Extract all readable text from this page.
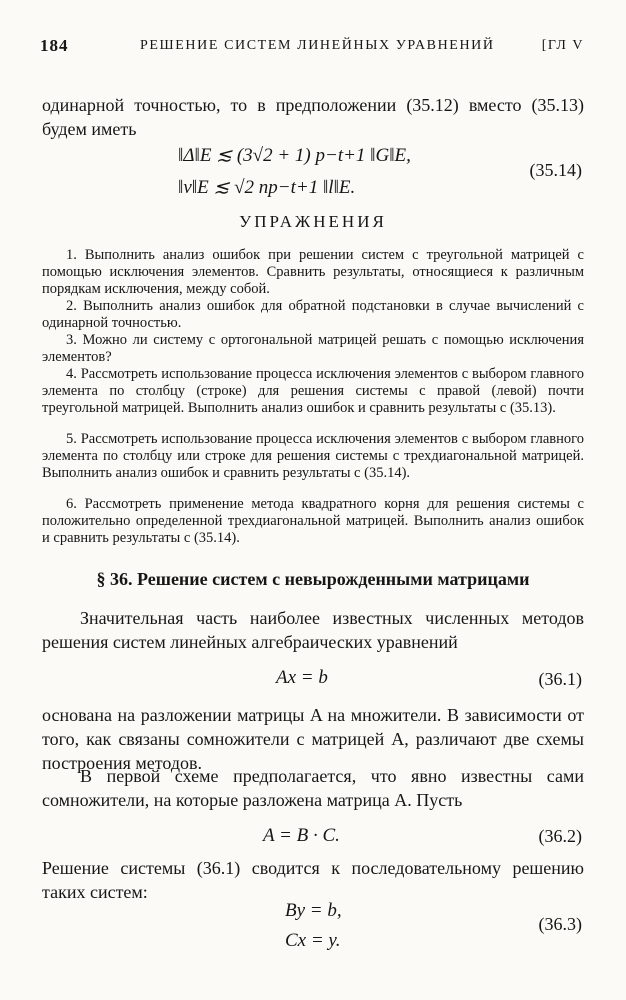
184	РЕШЕНИЕ СИСТЕМ ЛИНЕЙНЫХ УРАВНЕНИЙ	[ГЛ V

одинарной точностью, то в предположении (35.12) вместо (35.13) будем иметь

‖Δ‖E ≲ (3√2 + 1) p−t+1 ‖G‖E,
‖v‖E ≲ √2 np−t+1 ‖l‖E.
(35.14)
УПРАЖНЕНИЯ

1. Выполнить анализ ошибок при решении систем с треугольной матрицей с помощью исключения элементов. Сравнить результаты, относящиеся к различным порядкам исключения, между собой.

2. Выполнить анализ ошибок для обратной подстановки в случае вычислений с одинарной точностью.

3. Можно ли систему с ортогональной матрицей решать с помощью исключения элементов?

4. Рассмотреть использование процесса исключения элементов с выбором главного элемента по столбцу (строке) для решения системы с правой (левой) почти треугольной матрицей. Выполнить анализ ошибок и сравнить результаты с (35.13).

5. Рассмотреть использование процесса исключения элементов с выбором главного элемента по столбцу или строке для решения системы с трехдиагональной матрицей. Выполнить анализ ошибок и сравнить результаты с (35.14).

6. Рассмотреть применение метода квадратного корня для решения системы с положительно определенной трехдиагональной матрицей. Выполнить анализ ошибок и сравнить результаты с (35.14).

§ 36. Решение систем с невырожденными матрицами

Значительная часть наиболее известных численных методов решения систем линейных алгебраических уравнений

Ax = b	(36.1)

основана на разложении матрицы A на множители. В зависимости от того, как связаны сомножители с матрицей A, различают две схемы построения методов.

В первой схеме предполагается, что явно известны сами сомножители, на которые разложена матрица A. Пусть

A = B · C.	(36.2)

Решение системы (36.1) сводится к последовательному решению таких систем:

By = b,
Cx = y.
(36.3)
